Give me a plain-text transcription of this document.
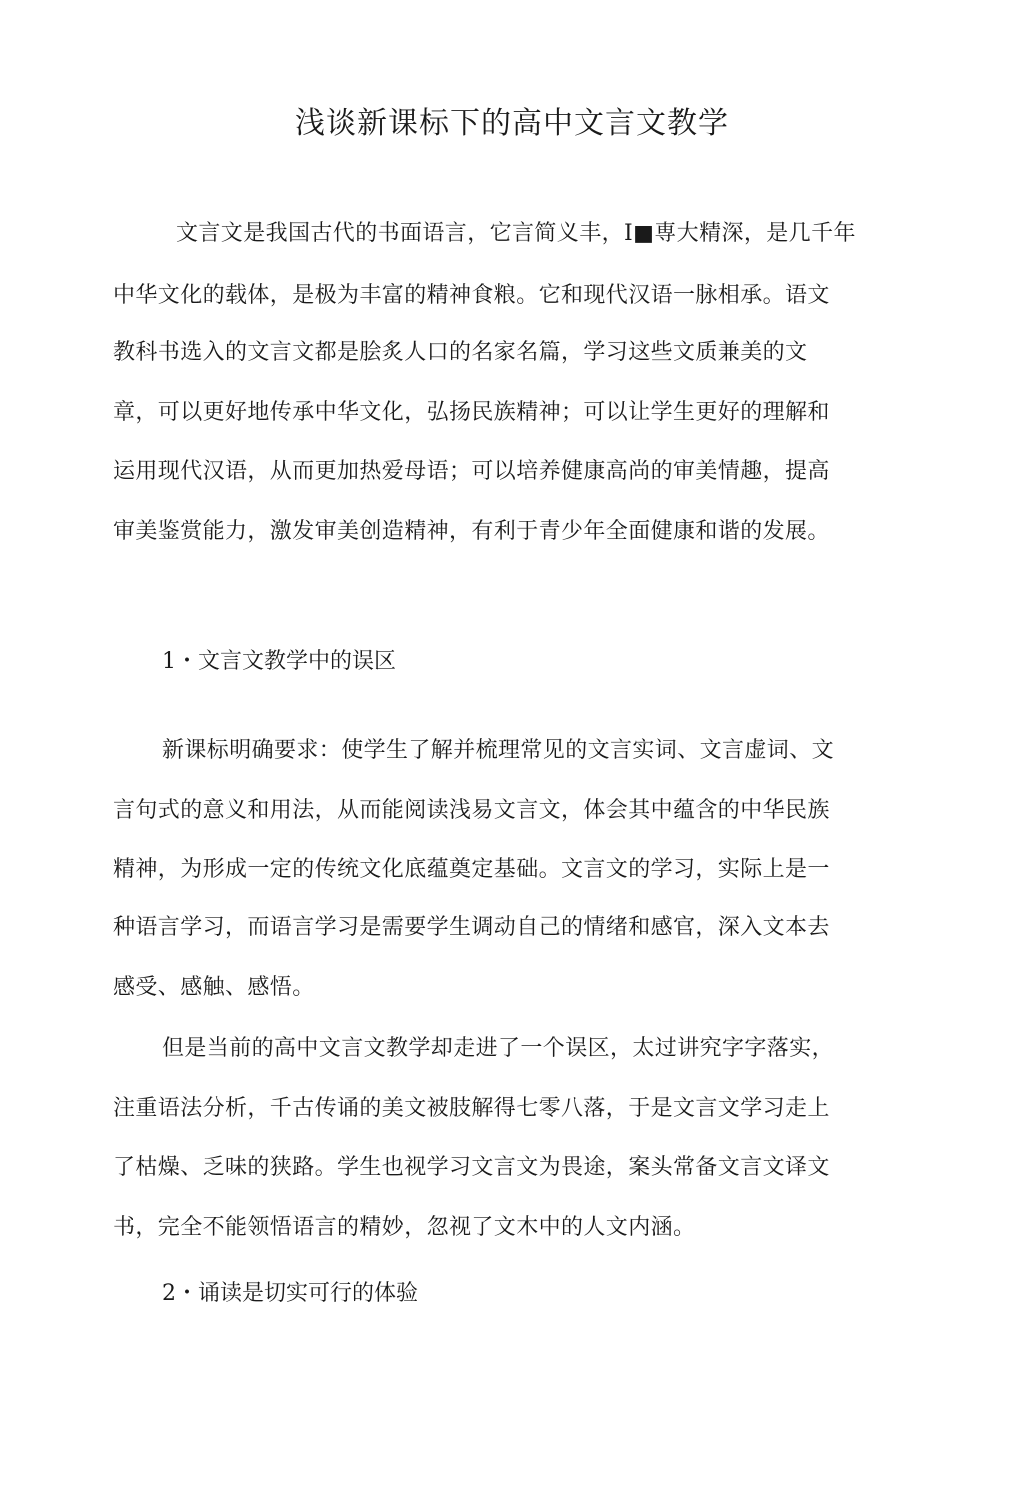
浅谈新课标下的高中文言文教学

文言文是我国古代的书面语言，它言简义丰，I■専大精深，是几千年

中华文化的载体，是极为丰富的精神食粮。它和现代汉语一脉相承。语文

教科书选入的文言文都是脍炙人口的名家名篇，学习这些文质兼美的文

章，可以更好地传承中华文化，弘扬民族精神；可以让学生更好的理解和

运用现代汉语，从而更加热爱母语；可以培养健康高尚的审美情趣，提高

审美鉴赏能力，激发审美创造精神，有利于青少年全面健康和谐的发展。

1・文言文教学中的误区

新课标明确要求：使学生了解并梳理常见的文言实词、文言虚词、文

言句式的意义和用法，从而能阅读浅易文言文，体会其中蕴含的中华民族

精神，为形成一定的传统文化底蕴奠定基础。文言文的学习，实际上是一

种语言学习，而语言学习是需要学生调动自己的情绪和感官，深入文本去

感受、感触、感悟。

但是当前的高中文言文教学却走进了一个误区，太过讲究字字落实，

注重语法分析，千古传诵的美文被肢解得七零八落，于是文言文学习走上

了枯燥、乏味的狭路。学生也视学习文言文为畏途，案头常备文言文译文

书，完全不能领悟语言的精妙，忽视了文木中的人文内涵。

2・诵读是切实可行的体验
